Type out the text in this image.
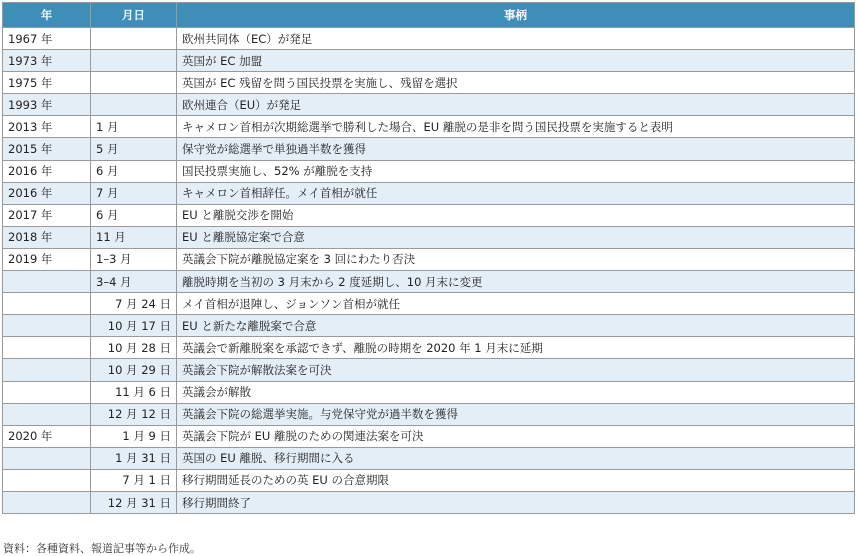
年	月日	事柄
1967 年		欧州共同体（EC）が発足
1973 年		英国が EC 加盟
1975 年		英国が EC 残留を問う国民投票を実施し、残留を選択
1993 年		欧州連合（EU）が発足
2013 年	1 月	キャメロン首相が次期総選挙で勝利した場合、EU 離脱の是非を問う国民投票を実施すると表明
2015 年	5 月	保守党が総選挙で単独過半数を獲得
2016 年	6 月	国民投票実施し、52% が離脱を支持
2016 年	7 月	キャメロン首相辞任。メイ首相が就任
2017 年	6 月	EU と離脱交渉を開始
2018 年	11 月	EU と離脱協定案で合意
2019 年	1–3 月	英議会下院が離脱協定案を 3 回にわたり否決
	3–4 月	離脱時期を当初の 3 月末から 2 度延期し、10 月末に変更
	7 月 24 日	メイ首相が退陣し、ジョンソン首相が就任
	10 月 17 日	EU と新たな離脱案で合意
	10 月 28 日	英議会で新離脱案を承認できず、離脱の時期を 2020 年 1 月末に延期
	10 月 29 日	英議会下院が解散法案を可決
	11 月 6 日	英議会が解散
	12 月 12 日	英議会下院の総選挙実施。与党保守党が過半数を獲得
2020 年	1 月 9 日	英議会下院が EU 離脱のための関連法案を可決
	1 月 31 日	英国の EU 離脱、移行期間に入る
	7 月 1 日	移行期間延長のための英 EU の合意期限
	12 月 31 日	移行期間終了
資料：各種資料、報道記事等から作成。
